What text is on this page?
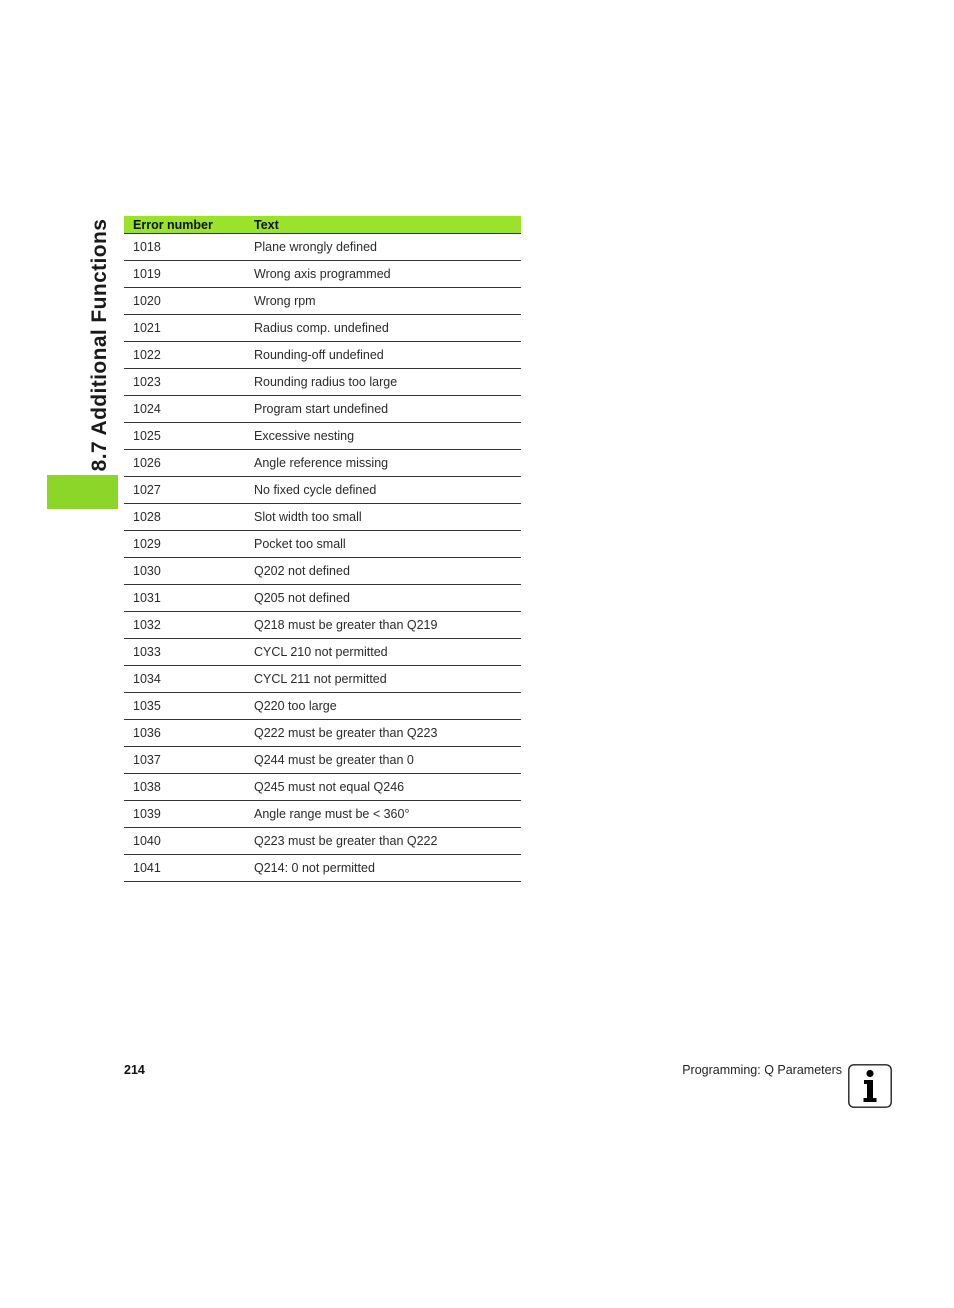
8.7 Additional Functions Error number	Text
1018	Plane wrongly defined
1019	Wrong axis programmed
1020	Wrong rpm
1021	Radius comp. undefined
1022	Rounding-off undefined
1023	Rounding radius too large
1024	Program start undefined
1025	Excessive nesting
1026	Angle reference missing
1027	No fixed cycle defined
1028	Slot width too small
1029	Pocket too small
1030	Q202 not defined
1031	Q205 not defined
1032	Q218 must be greater than Q219
1033	CYCL 210 not permitted
1034	CYCL 211 not permitted
1035	Q220 too large
1036	Q222 must be greater than Q223
1037	Q244 must be greater than 0
1038	Q245 must not equal Q246
1039	Angle range must be < 360°
1040	Q223 must be greater than Q222
1041	Q214: 0 not permitted
214	Programming: Q Parameters
